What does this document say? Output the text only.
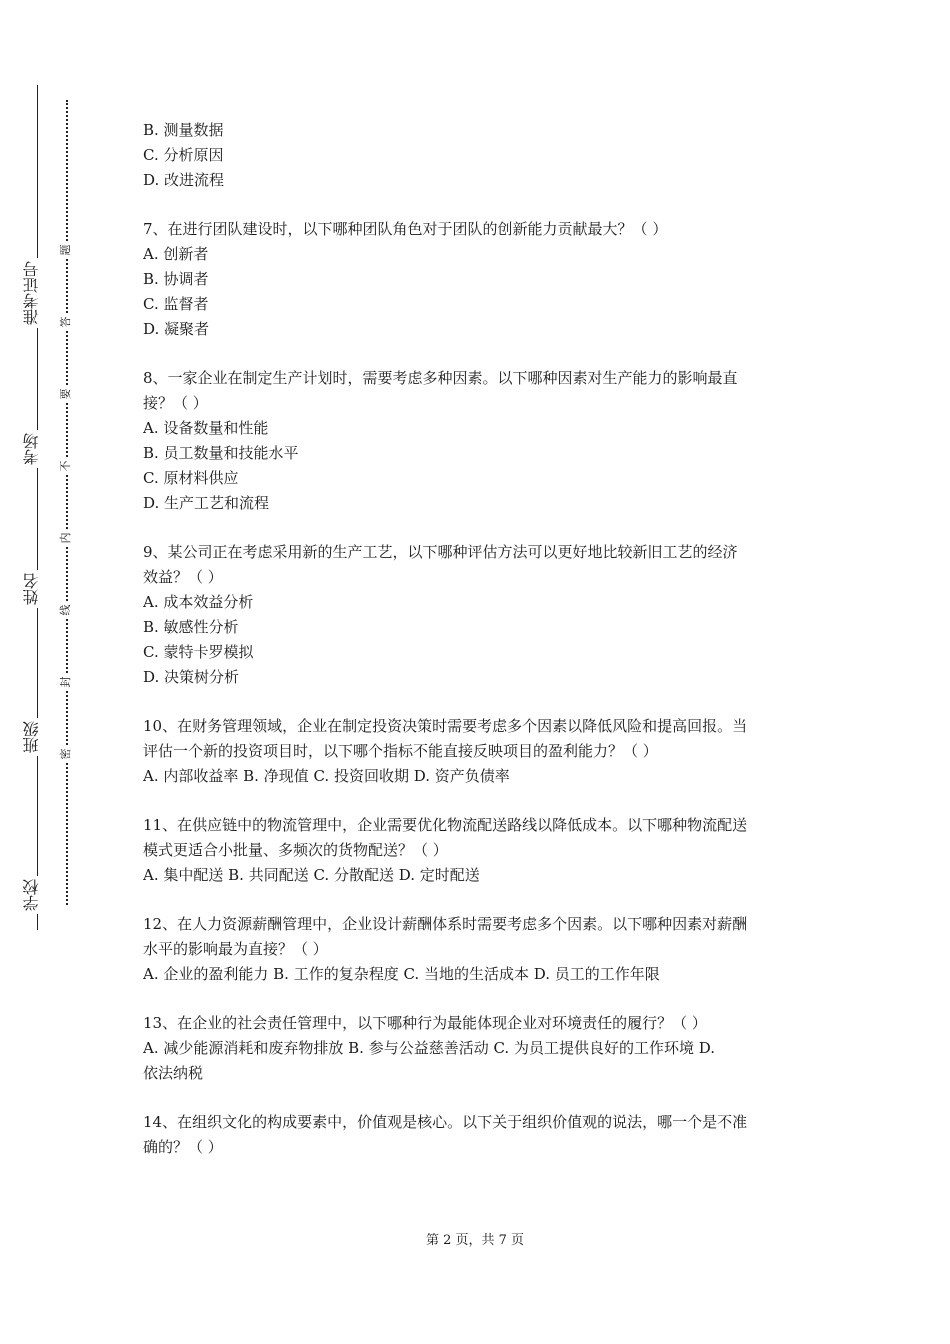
准考证号
考场
姓名
班级
学校
题
答
要
不
内
线
封
密
B. 测量数据
C. 分析原因
D. 改进流程
7、在进行团队建设时，以下哪种团队角色对于团队的创新能力贡献最大？（ ）
A. 创新者
B. 协调者
C. 监督者
D. 凝聚者
8、一家企业在制定生产计划时，需要考虑多种因素。以下哪种因素对生产能力的影响最直
接？（ ）
A. 设备数量和性能
B. 员工数量和技能水平
C. 原材料供应
D. 生产工艺和流程
9、某公司正在考虑采用新的生产工艺，以下哪种评估方法可以更好地比较新旧工艺的经济
效益？（ ）
A. 成本效益分析
B. 敏感性分析
C. 蒙特卡罗模拟
D. 决策树分析
10、在财务管理领域，企业在制定投资决策时需要考虑多个因素以降低风险和提高回报。当
评估一个新的投资项目时，以下哪个指标不能直接反映项目的盈利能力？（ ）
A. 内部收益率 B. 净现值 C. 投资回收期 D. 资产负债率
11、在供应链中的物流管理中，企业需要优化物流配送路线以降低成本。以下哪种物流配送
模式更适合小批量、多频次的货物配送？（ ）
A. 集中配送 B. 共同配送 C. 分散配送 D. 定时配送
12、在人力资源薪酬管理中，企业设计薪酬体系时需要考虑多个因素。以下哪种因素对薪酬
水平的影响最为直接？（ ）
A. 企业的盈利能力 B. 工作的复杂程度 C. 当地的生活成本 D. 员工的工作年限
13、在企业的社会责任管理中，以下哪种行为最能体现企业对环境责任的履行？（ ）
A. 减少能源消耗和废弃物排放 B. 参与公益慈善活动 C. 为员工提供良好的工作环境 D.
依法纳税
14、在组织文化的构成要素中，价值观是核心。以下关于组织价值观的说法，哪一个是不准
确的？（ ）
第 2 页，共 7 页
